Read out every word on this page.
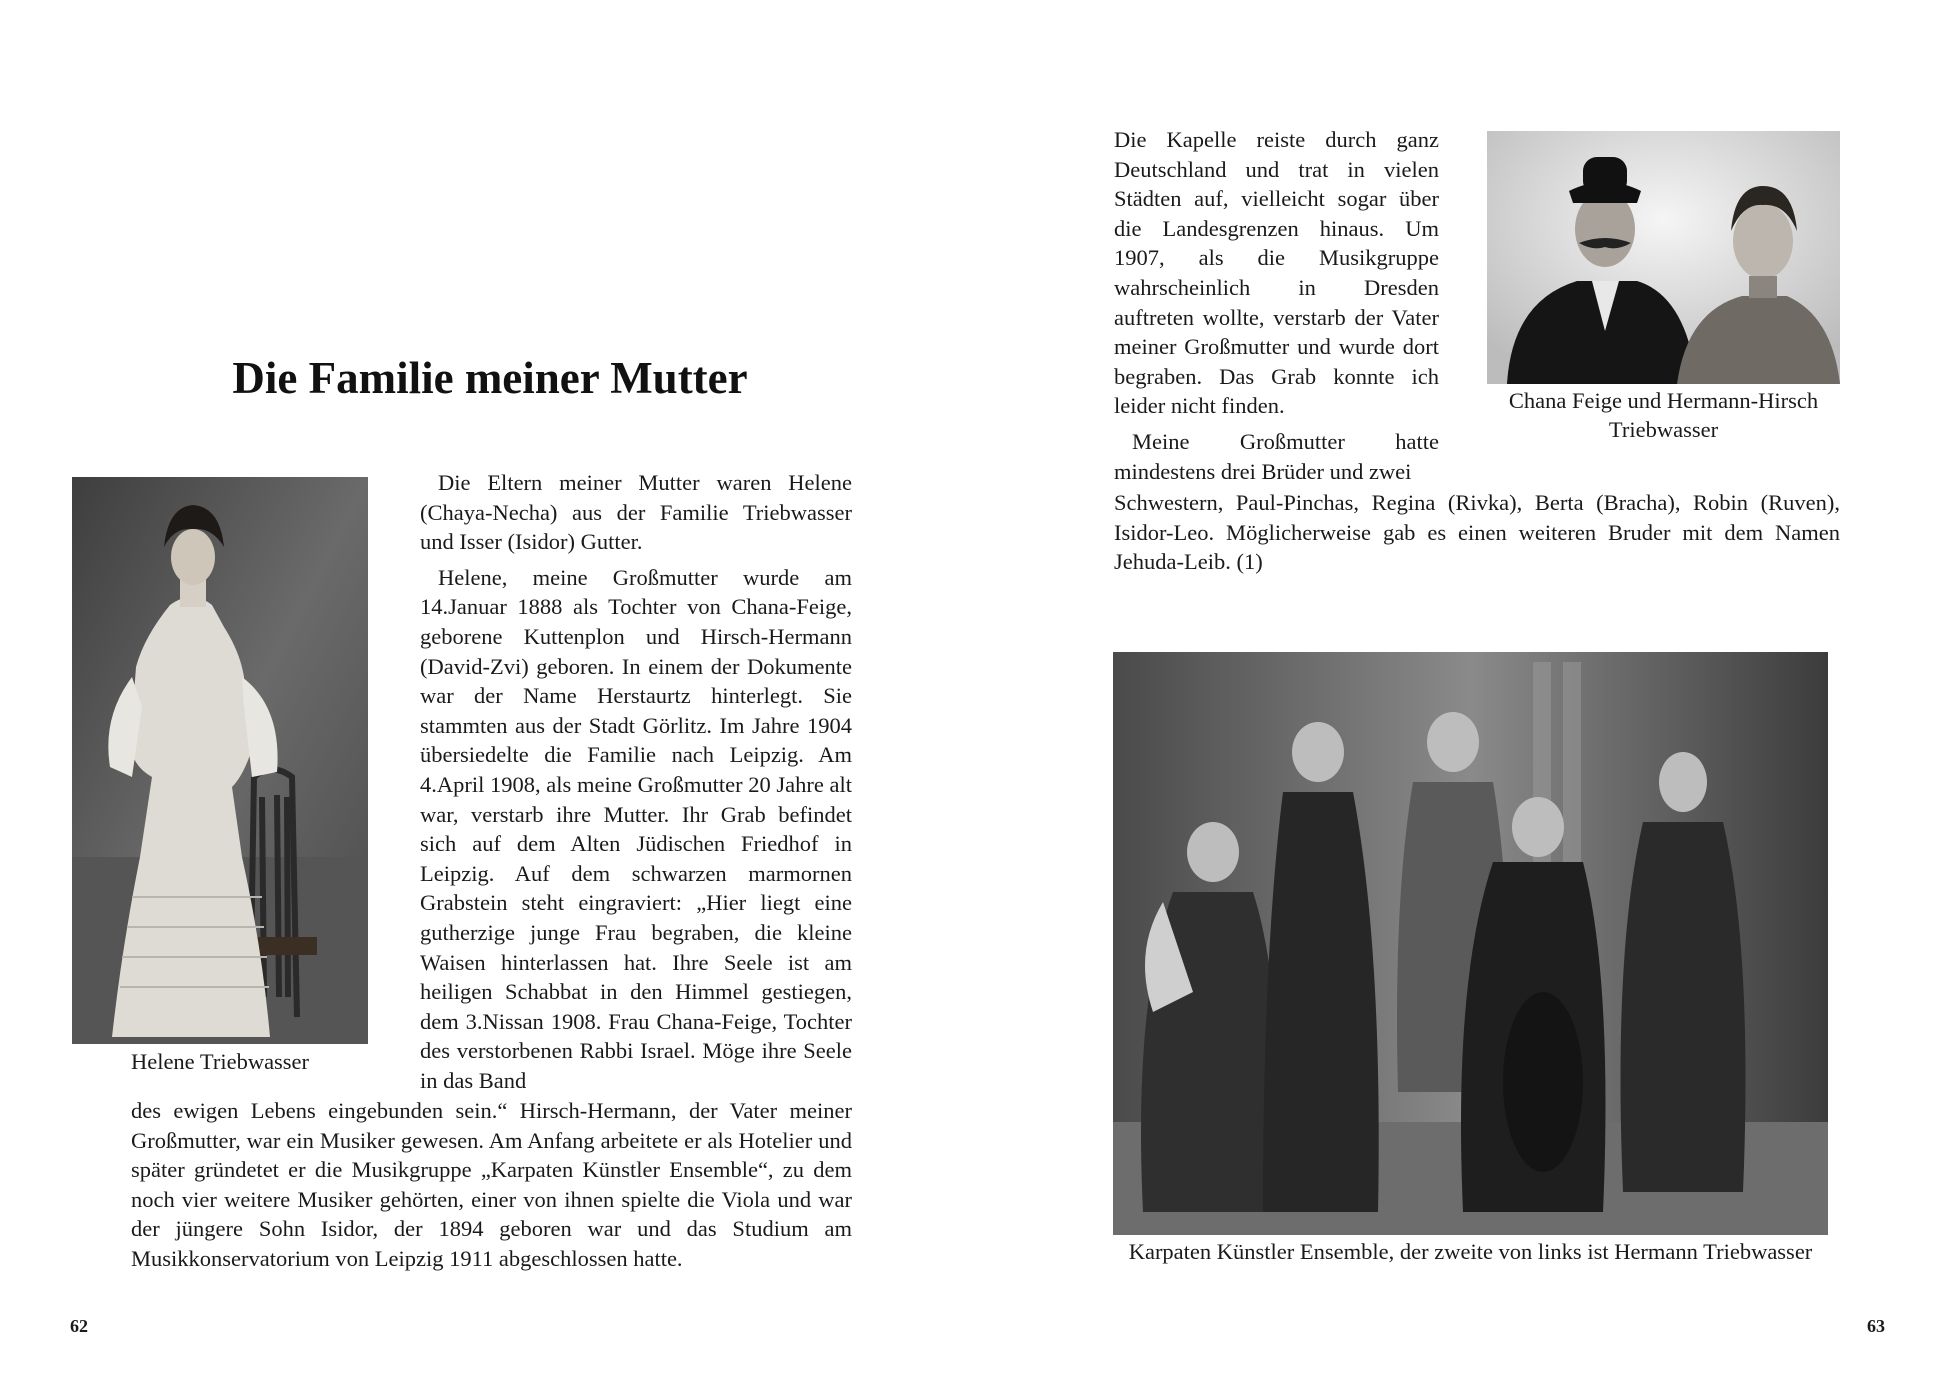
Die Familie meiner Mutter
Helene Triebwasser

Die Eltern meiner Mutter waren Helene (Chaya-Necha) aus der Familie Triebwasser und Isser (Isidor) Gutter.

Helene, meine Großmutter wurde am 14.Januar 1888 als Tochter von Chana-Feige, geborene Kuttenplon und Hirsch-Hermann (David-Zvi) geboren. In einem der Dokumente war der Name Herstaurtz hinterlegt. Sie stammten aus der Stadt Görlitz. Im Jahre 1904 übersiedelte die Familie nach Leipzig. Am 4.April 1908, als meine Großmutter 20 Jahre alt war, verstarb ihre Mutter. Ihr Grab befindet sich auf dem Alten Jüdischen Friedhof in Leipzig. Auf dem schwarzen marmornen Grabstein steht eingraviert: „Hier liegt eine gutherzige junge Frau begraben, die kleine Waisen hinterlassen hat. Ihre Seele ist am heiligen Schabbat in den Himmel gestiegen, dem 3.Nissan 1908. Frau Chana-Feige, Tochter des verstorbenen Rabbi Israel. Möge ihre Seele in das Band

des ewigen Lebens eingebunden sein.“ Hirsch-Hermann, der Vater meiner Großmutter, war ein Musiker gewesen. Am Anfang arbeitete er als Hotelier und später gründetet er die Musikgruppe „Karpaten Künstler Ensemble“, zu dem noch vier weitere Musiker gehörten, einer von ihnen spielte die Viola und war der jüngere Sohn Isidor, der 1894 geboren war und das Studium am Musikkonservatorium von Leipzig 1911 abgeschlossen hatte.

62

Die Kapelle reiste durch ganz Deutschland und trat in vielen Städten auf, vielleicht sogar über die Landesgrenzen hinaus. Um 1907, als die Musikgruppe wahrscheinlich in Dresden auftreten wollte, verstarb der Vater meiner Großmutter und wurde dort begraben. Das Grab konnte ich leider nicht finden.

Meine Großmutter hatte mindestens drei Brüder und zwei

Schwestern, Paul-Pinchas, Regina (Rivka), Berta (Bracha), Robin (Ruven), Isidor-Leo. Möglicherweise gab es einen weiteren Bruder mit dem Namen Jehuda-Leib. (1)

Chana Feige und Hermann-Hirsch Triebwasser
Karpaten Künstler Ensemble, der zweite von links ist Hermann Triebwasser
63
